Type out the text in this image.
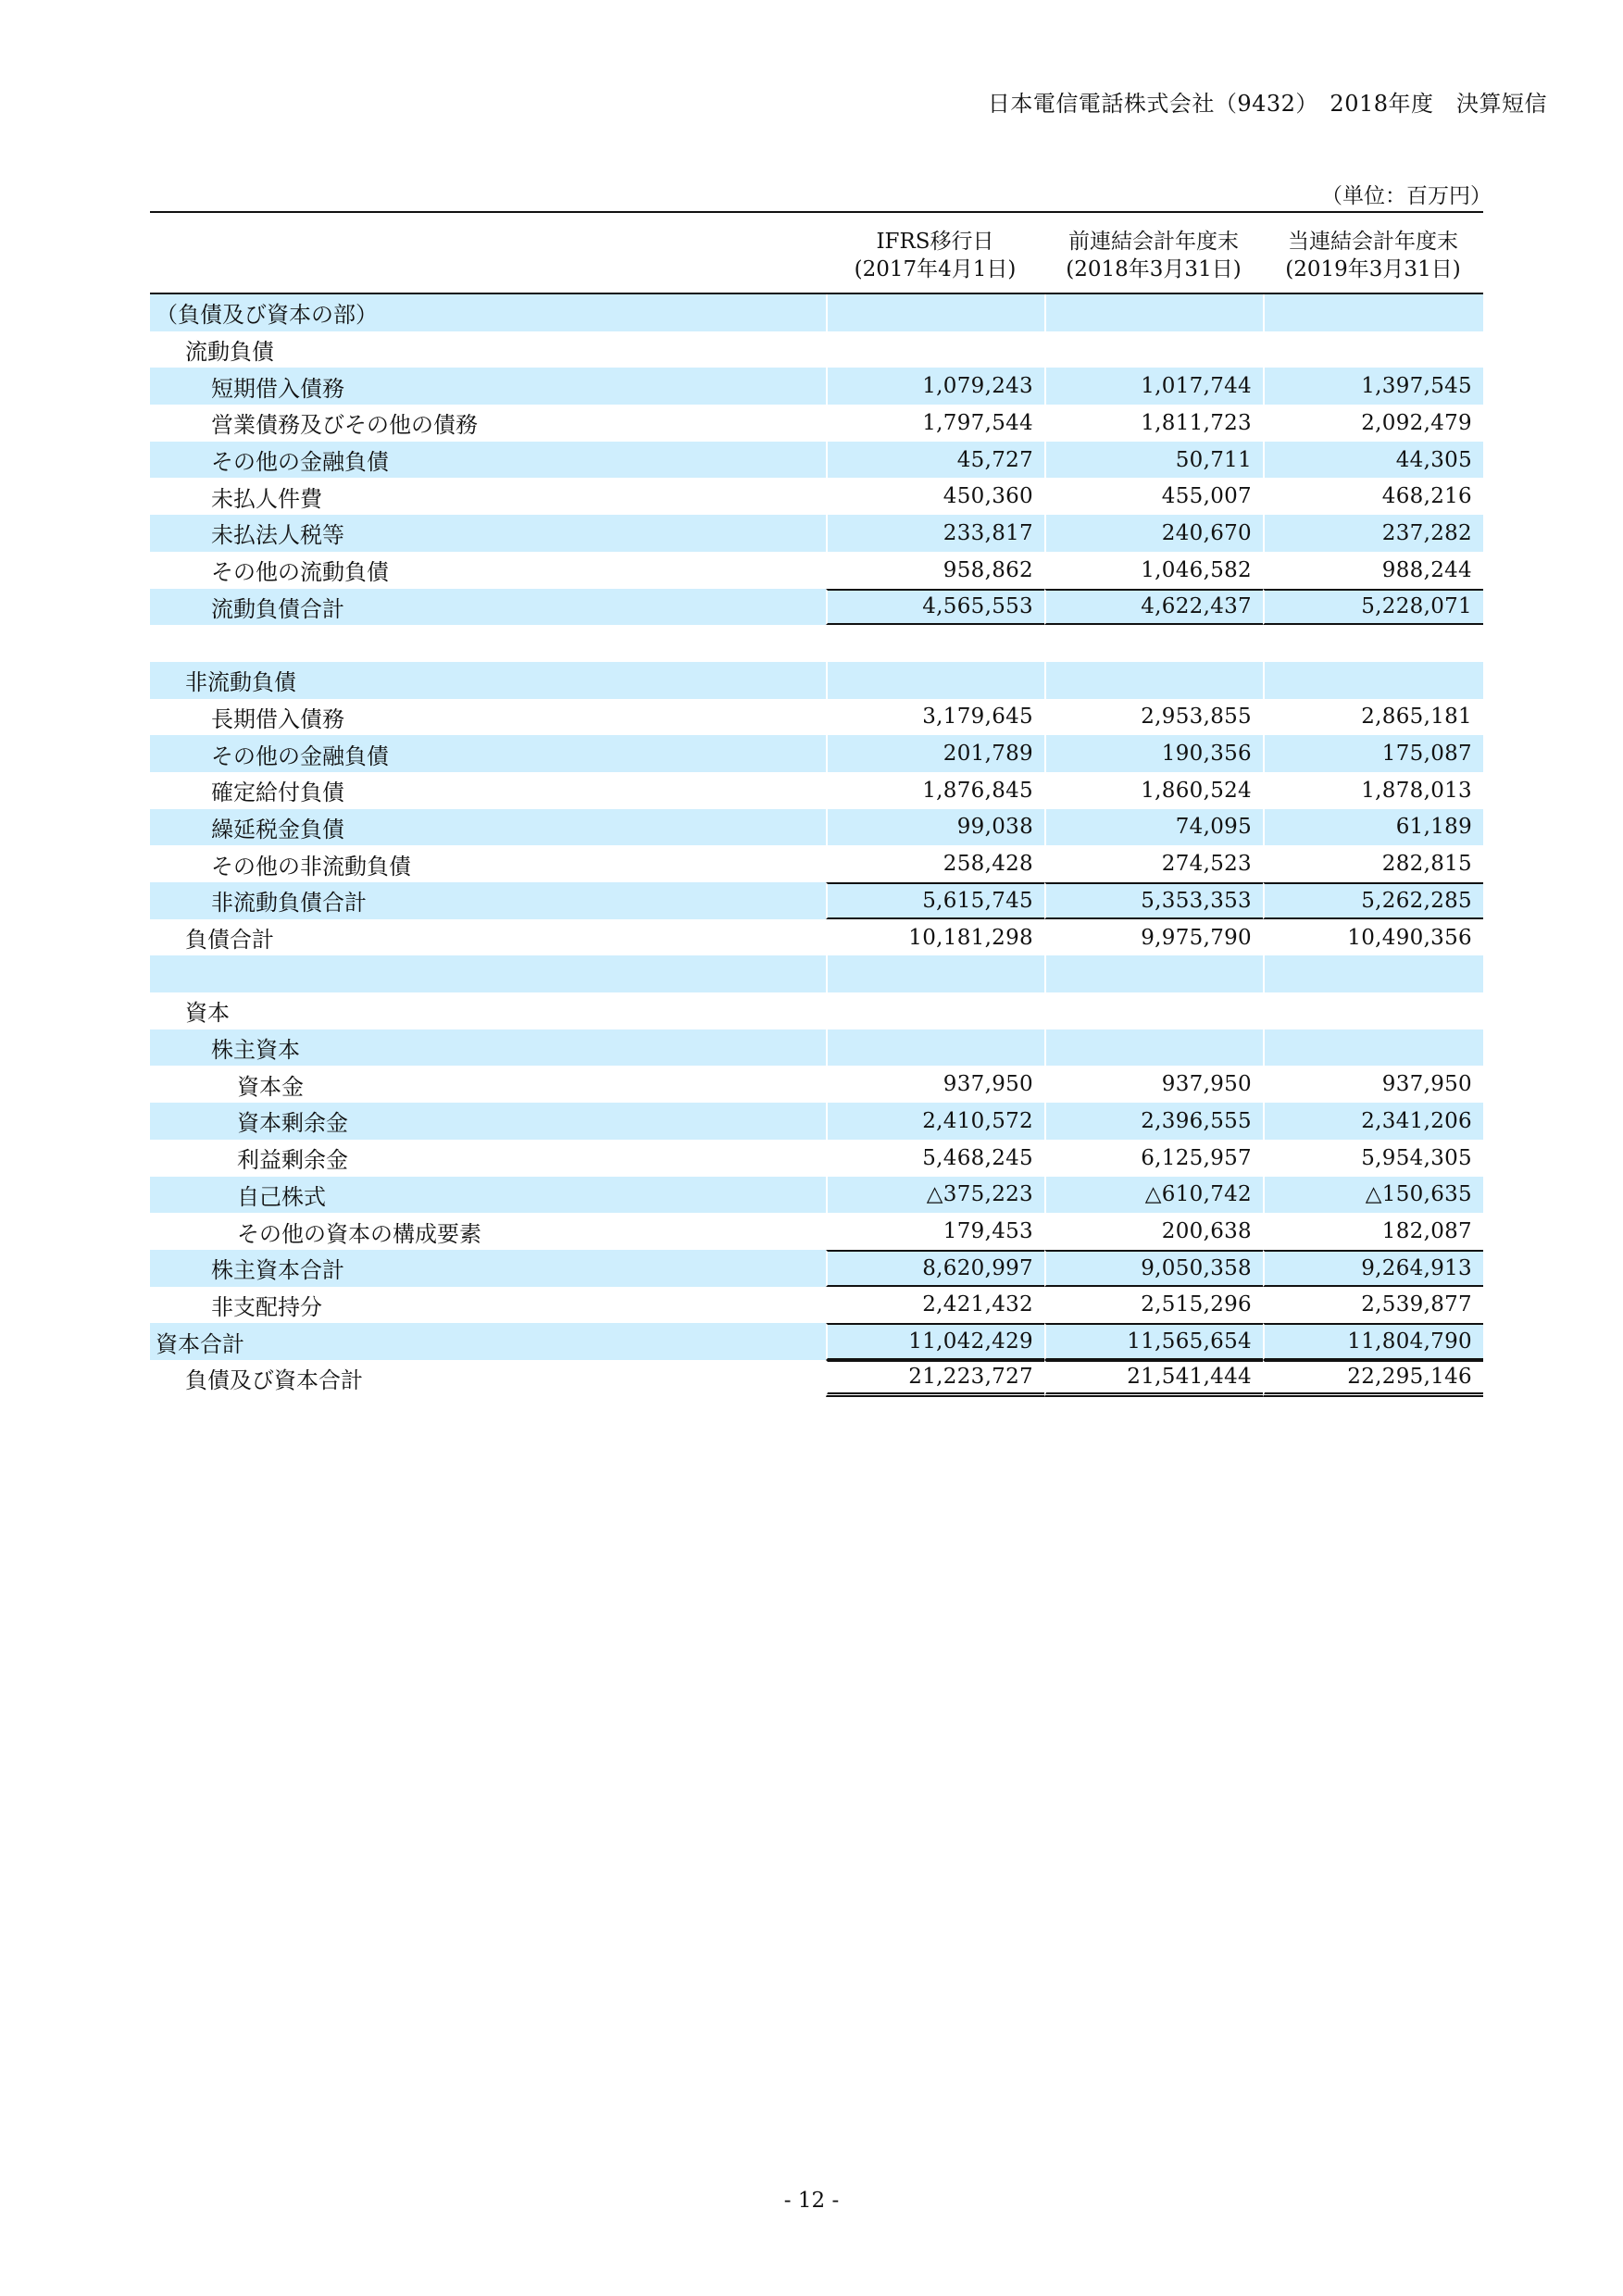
日本電信電話株式会社（9432）　2018年度　決算短信
（単位：百万円）
IFRS移行日
(2017年4月1日)
前連結会計年度末
(2018年3月31日)
当連結会計年度末
(2019年3月31日)
（負債及び資本の部）
流動負債
短期借入債務	1,079,243	1,017,744	1,397,545
営業債務及びその他の債務	1,797,544	1,811,723	2,092,479
その他の金融負債	45,727	50,711	44,305
未払人件費	450,360	455,007	468,216
未払法人税等	233,817	240,670	237,282
その他の流動負債	958,862	1,046,582	988,244
流動負債合計	4,565,553	4,622,437	5,228,071
非流動負債
長期借入債務	3,179,645	2,953,855	2,865,181
その他の金融負債	201,789	190,356	175,087
確定給付負債	1,876,845	1,860,524	1,878,013
繰延税金負債	99,038	74,095	61,189
その他の非流動負債	258,428	274,523	282,815
非流動負債合計	5,615,745	5,353,353	5,262,285
負債合計	10,181,298	9,975,790	10,490,356
資本
株主資本
資本金	937,950	937,950	937,950
資本剰余金	2,410,572	2,396,555	2,341,206
利益剰余金	5,468,245	6,125,957	5,954,305
自己株式	△375,223	△610,742	△150,635
その他の資本の構成要素	179,453	200,638	182,087
株主資本合計	8,620,997	9,050,358	9,264,913
非支配持分	2,421,432	2,515,296	2,539,877
資本合計	11,042,429	11,565,654	11,804,790
負債及び資本合計	21,223,727	21,541,444	22,295,146
- 12 -
